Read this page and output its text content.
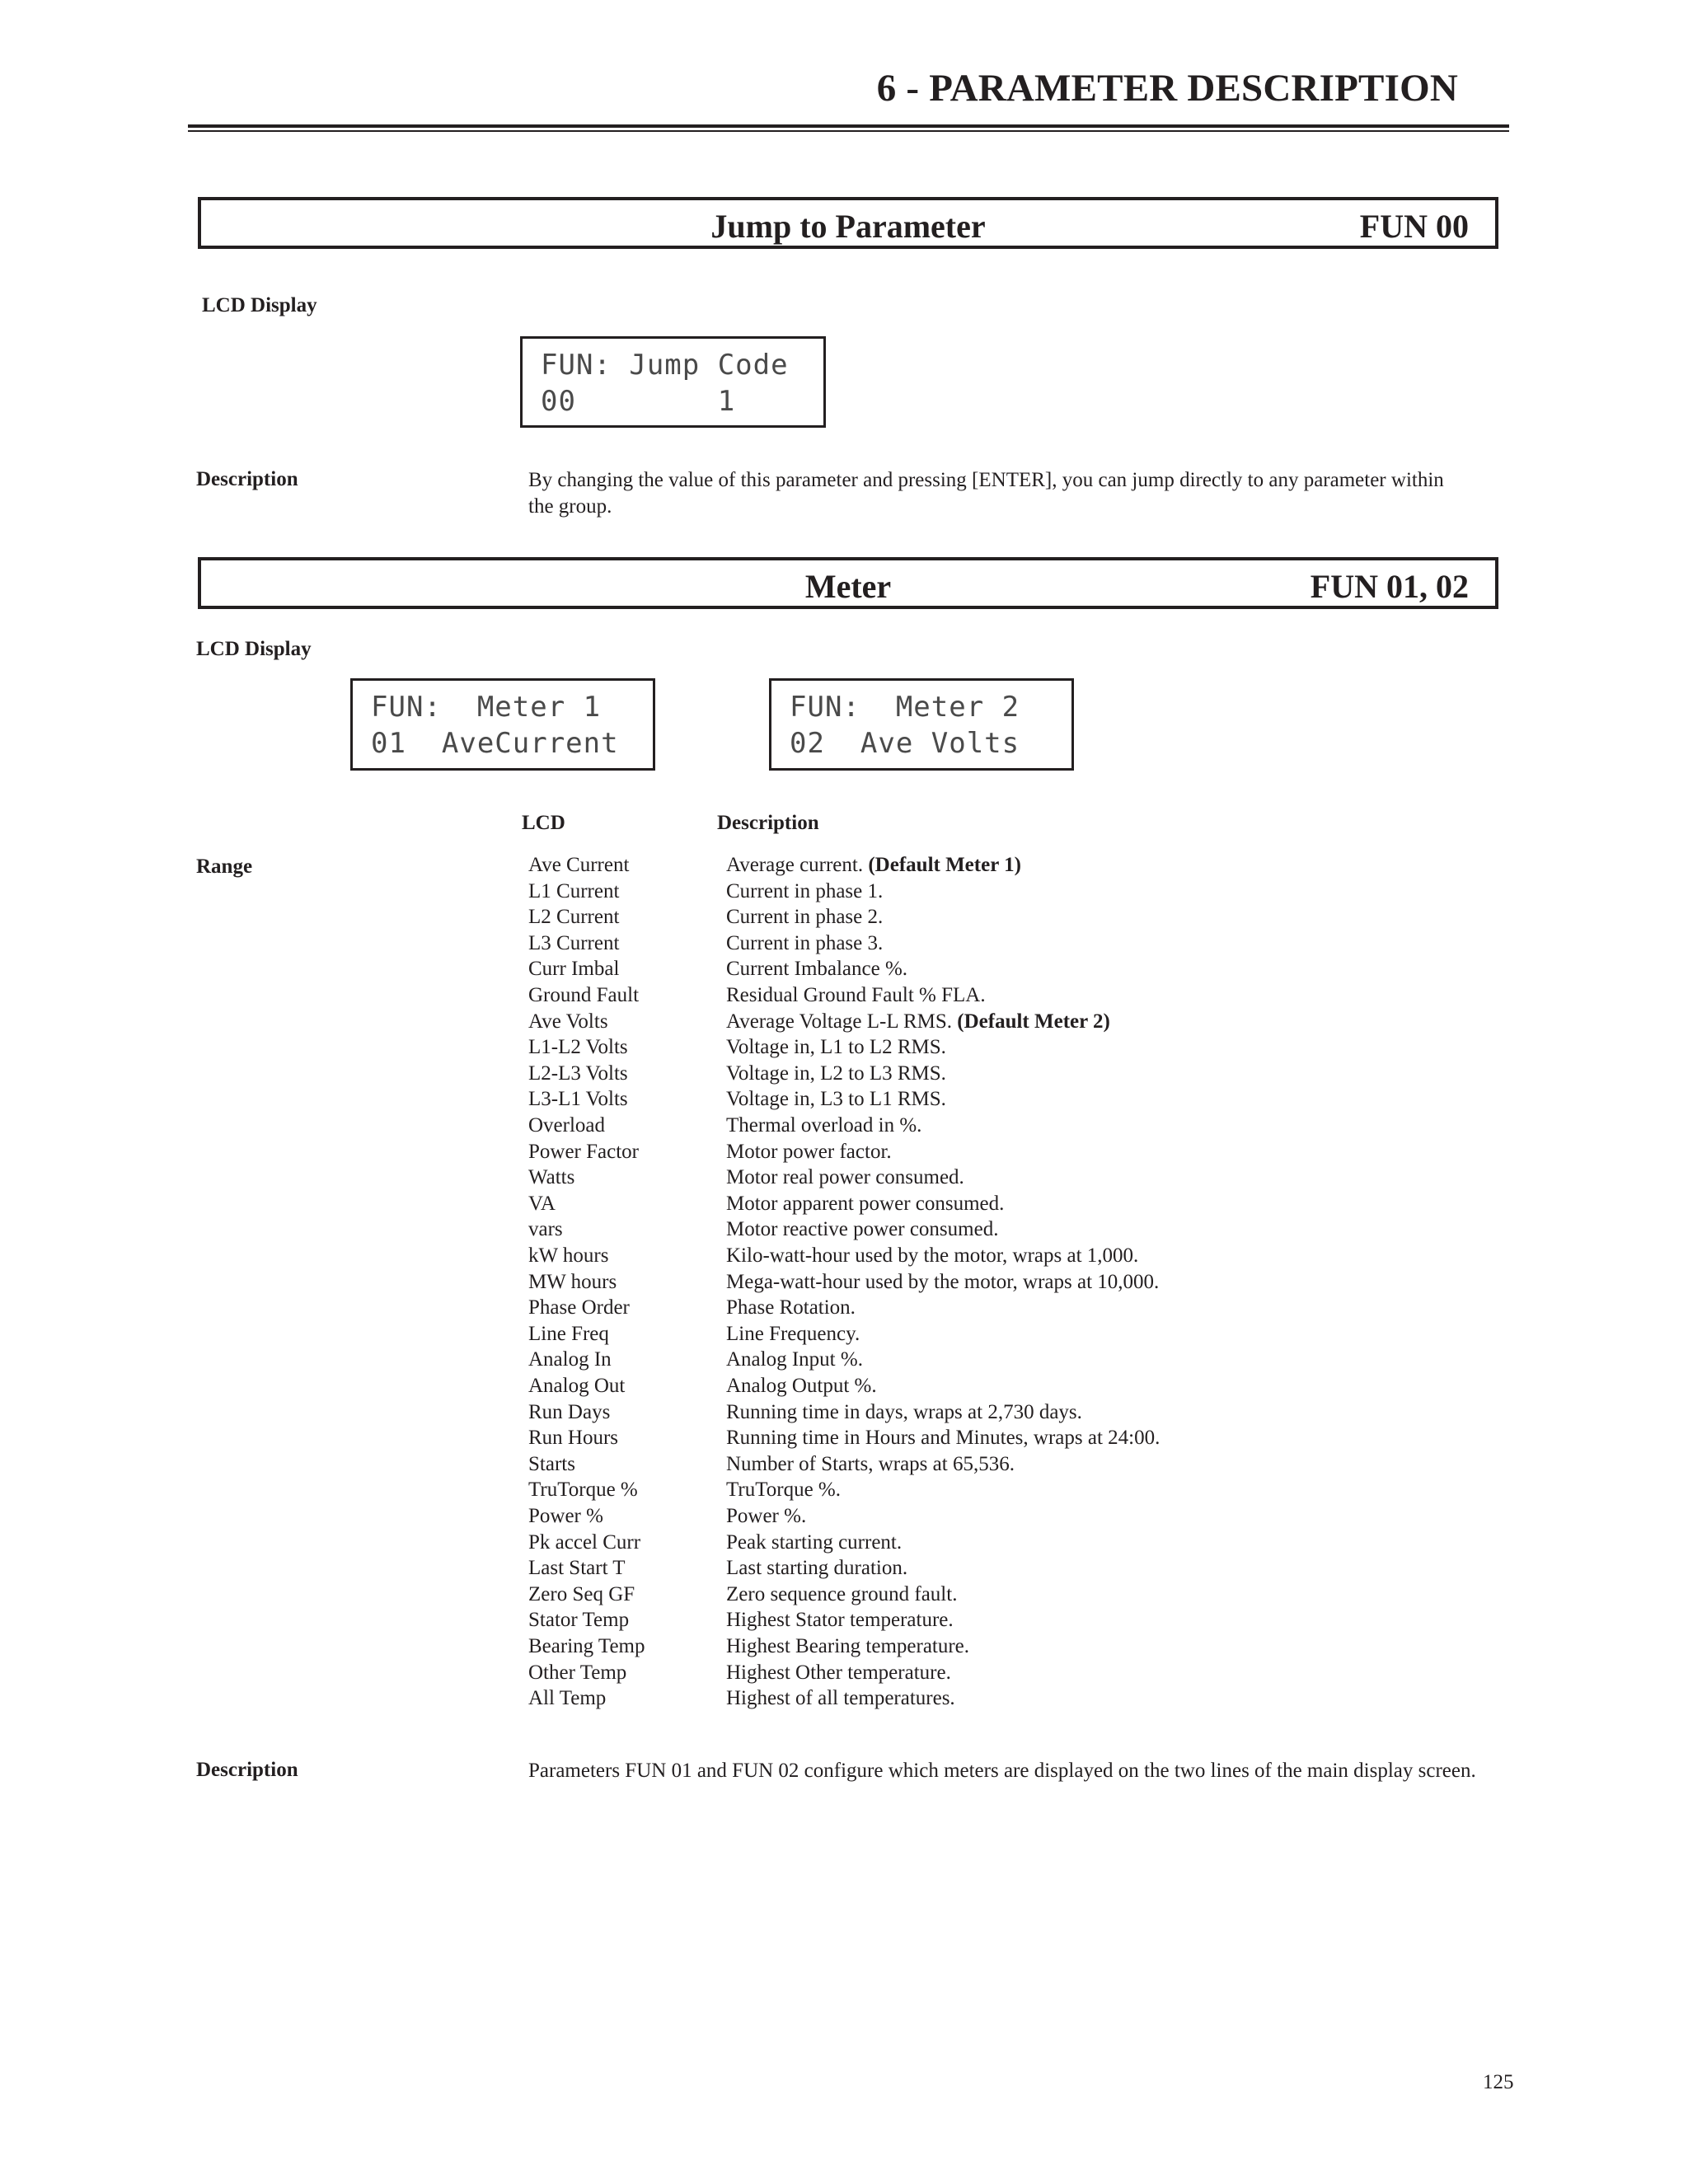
6 - PARAMETER DESCRIPTION
Jump to Parameter	FUN 00
LCD Display
FUN: Jump Code
00        1
Description	By changing the value of this parameter and pressing [ENTER], you can jump directly to any parameter within the group.
Meter	FUN 01, 02
LCD Display
FUN:  Meter 1
01  AveCurrent
FUN:  Meter 2
02  Ave Volts
LCD	Description
Range	Ave Current	Average current. (Default Meter 1)
L1 Current	Current in phase 1.
L2 Current	Current in phase 2.
L3 Current	Current in phase 3.
Curr Imbal	Current Imbalance %.
Ground Fault	Residual Ground Fault % FLA.
Ave Volts	Average Voltage L-L RMS. (Default Meter 2)
L1-L2 Volts	Voltage in, L1 to L2 RMS.
L2-L3 Volts	Voltage in, L2 to L3 RMS.
L3-L1 Volts	Voltage in, L3 to L1 RMS.
Overload	Thermal overload in %.
Power Factor	Motor power factor.
Watts	Motor real power consumed.
VA	Motor apparent power consumed.
vars	Motor reactive power consumed.
kW hours	Kilo-watt-hour used by the motor, wraps at 1,000.
MW hours	Mega-watt-hour used by the motor, wraps at 10,000.
Phase Order	Phase Rotation.
Line Freq	Line Frequency.
Analog In	Analog Input %.
Analog Out	Analog Output %.
Run Days	Running time in days, wraps at 2,730 days.
Run Hours	Running time in Hours and Minutes, wraps at 24:00.
Starts	Number of Starts, wraps at 65,536.
TruTorque %	TruTorque %.
Power %	Power %.
Pk accel Curr	Peak starting current.
Last Start T	Last starting duration.
Zero Seq GF	Zero sequence ground fault.
Stator Temp	Highest Stator temperature.
Bearing Temp	Highest Bearing temperature.
Other Temp	Highest Other temperature.
All Temp	Highest of all temperatures.
Description	Parameters FUN 01 and FUN 02 configure which meters are displayed on the two lines of the main display screen.
125
